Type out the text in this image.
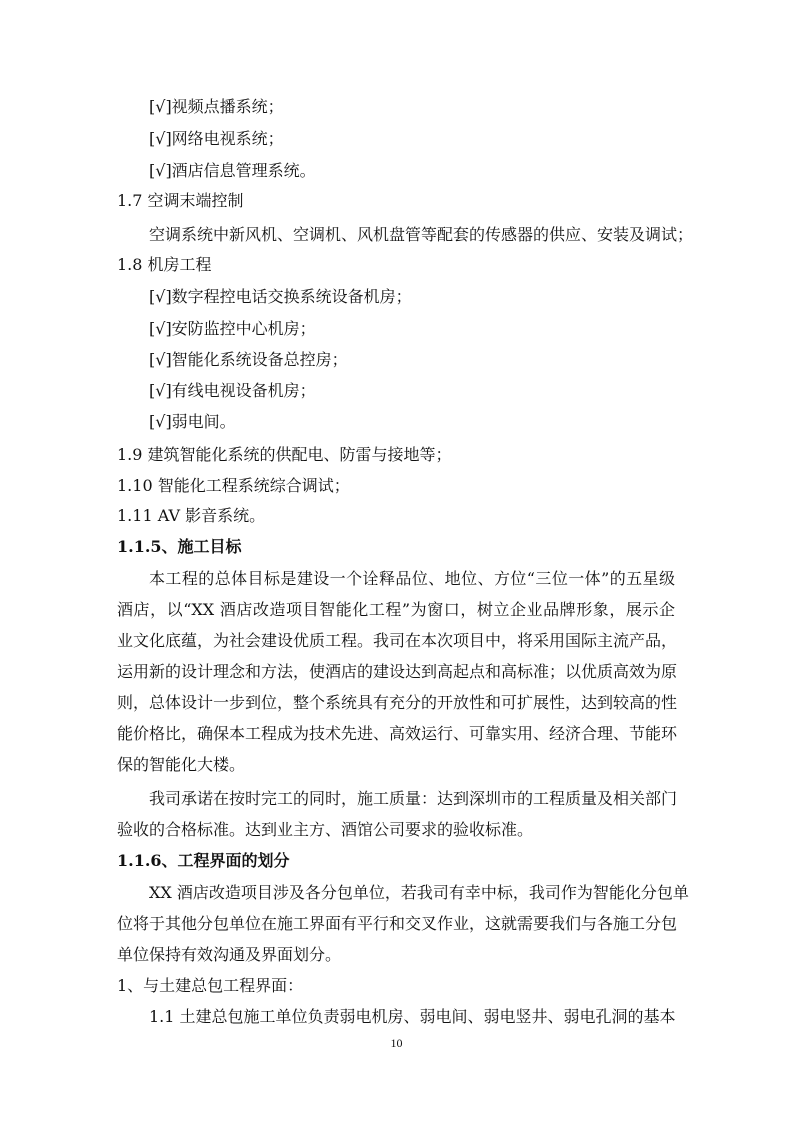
[√]视频点播系统；
[√]网络电视系统；
[√]酒店信息管理系统。
1.7 空调末端控制
空调系统中新风机、空调机、风机盘管等配套的传感器的供应、安装及调试；
1.8 机房工程
[√]数字程控电话交换系统设备机房；
[√]安防监控中心机房；
[√]智能化系统设备总控房；
[√]有线电视设备机房；
[√]弱电间。
1.9 建筑智能化系统的供配电、防雷与接地等；
1.10 智能化工程系统综合调试；
1.11 AV 影音系统。
1.1.5、施工目标
本工程的总体目标是建设一个诠释品位、地位、方位“三位一体”的五星级
酒店，以“XX 酒店改造项目智能化工程”为窗口，树立企业品牌形象，展示企
业文化底蕴，为社会建设优质工程。我司在本次项目中，将采用国际主流产品，
运用新的设计理念和方法，使酒店的建设达到高起点和高标准；以优质高效为原
则，总体设计一步到位，整个系统具有充分的开放性和可扩展性，达到较高的性
能价格比，确保本工程成为技术先进、高效运行、可靠实用、经济合理、节能环
保的智能化大楼。
我司承诺在按时完工的同时，施工质量：达到深圳市的工程质量及相关部门
验收的合格标准。达到业主方、酒馆公司要求的验收标准。
1.1.6、工程界面的划分
XX 酒店改造项目涉及各分包单位，若我司有幸中标，我司作为智能化分包单
位将于其他分包单位在施工界面有平行和交叉作业，这就需要我们与各施工分包
单位保持有效沟通及界面划分。
1、与土建总包工程界面：
1.1 土建总包施工单位负责弱电机房、弱电间、弱电竖井、弱电孔洞的基本
10
